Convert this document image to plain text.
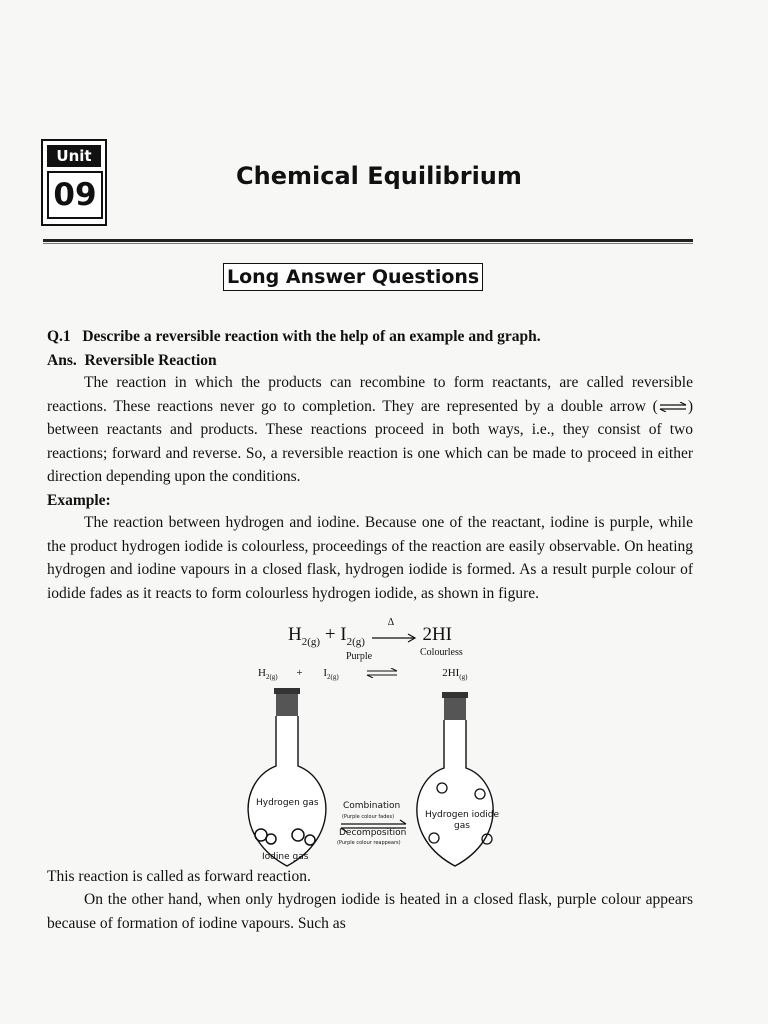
Unit
09
Chemical Equilibrium
Long Answer Questions
Q.1 Describe a reversible reaction with the help of an example and graph.
Ans. Reversible Reaction

The reaction in which the products can recombine to form reactants, are called reversible reactions. These reactions never go to completion. They are represented by a double arrow ( ) between reactants and products. These reactions proceed in both ways, i.e., they consist of two reactions; forward and reverse. So, a reversible reaction is one which can be made to proceed in either direction depending upon the conditions.

Example:

The reaction between hydrogen and iodine. Because one of the reactant, iodine is purple, while the product hydrogen iodide is colourless, proceedings of the reaction are easily observable. On heating hydrogen and iodine vapours in a closed flask, hydrogen iodide is formed. As a result purple colour of iodide fades as it reacts to form colourless hydrogen iodide, as shown in figure.

$H_{2(g)} + I_{2(g)}$
Δ
2HI
Purple	Colourless
$H_{2(g)} + I_{2(g)}$	$2HI_{(g)}$
Hydrogen gas
Iodine gas
Combination
(Purple colour fades)
Decomposition
(Purple colour reappears)
Hydrogen iodide gas
This reaction is called as forward reaction.

On the other hand, when only hydrogen iodide is heated in a closed flask, purple colour appears because of formation of iodine vapours. Such as
